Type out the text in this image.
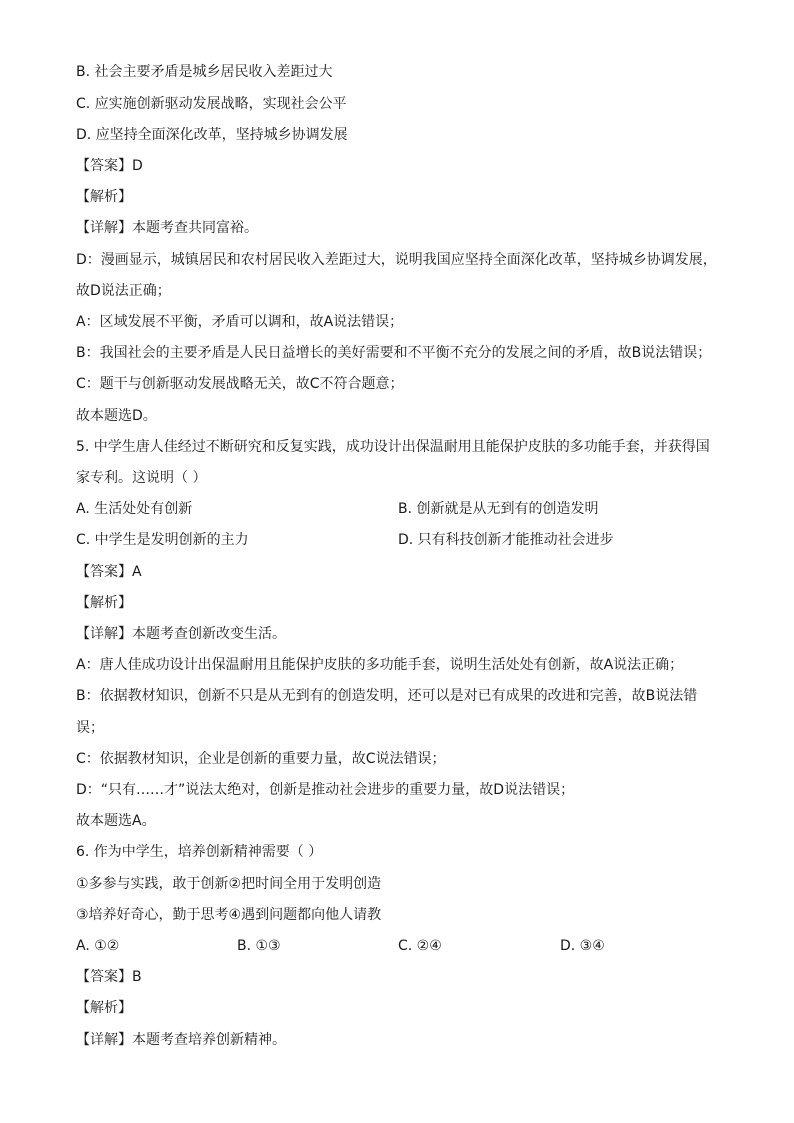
B. 社会主要矛盾是城乡居民收入差距过大
C. 应实施创新驱动发展战略，实现社会公平
D. 应坚持全面深化改革，坚持城乡协调发展
【答案】D
【解析】
【详解】本题考查共同富裕。
D：漫画显示，城镇居民和农村居民收入差距过大，说明我国应坚持全面深化改革，坚持城乡协调发展，
故D说法正确；
A：区域发展不平衡，矛盾可以调和，故A说法错误；
B：我国社会的主要矛盾是人民日益增长的美好需要和不平衡不充分的发展之间的矛盾，故B说法错误；
C：题干与创新驱动发展战略无关，故C不符合题意；
故本题选D。
5. 中学生唐人佳经过不断研究和反复实践，成功设计出保温耐用且能保护皮肤的多功能手套，并获得国
家专利。这说明（ ）
A. 生活处处有创新	B. 创新就是从无到有的创造发明
C. 中学生是发明创新的主力	D. 只有科技创新才能推动社会进步
【答案】A
【解析】
【详解】本题考查创新改变生活。
A：唐人佳成功设计出保温耐用且能保护皮肤的多功能手套，说明生活处处有创新，故A说法正确；
B：依据教材知识，创新不只是从无到有的创造发明，还可以是对已有成果的改进和完善，故B说法错
误；
C：依据教材知识，企业是创新的重要力量，故C说法错误；
D：“只有……才”说法太绝对，创新是推动社会进步的重要力量，故D说法错误；
故本题选A。
6. 作为中学生，培养创新精神需要（ ）
①多参与实践，敢于创新②把时间全用于发明创造
③培养好奇心，勤于思考④遇到问题都向他人请教
A. ①②	B. ①③	C. ②④	D. ③④
【答案】B
【解析】
【详解】本题考查培养创新精神。
